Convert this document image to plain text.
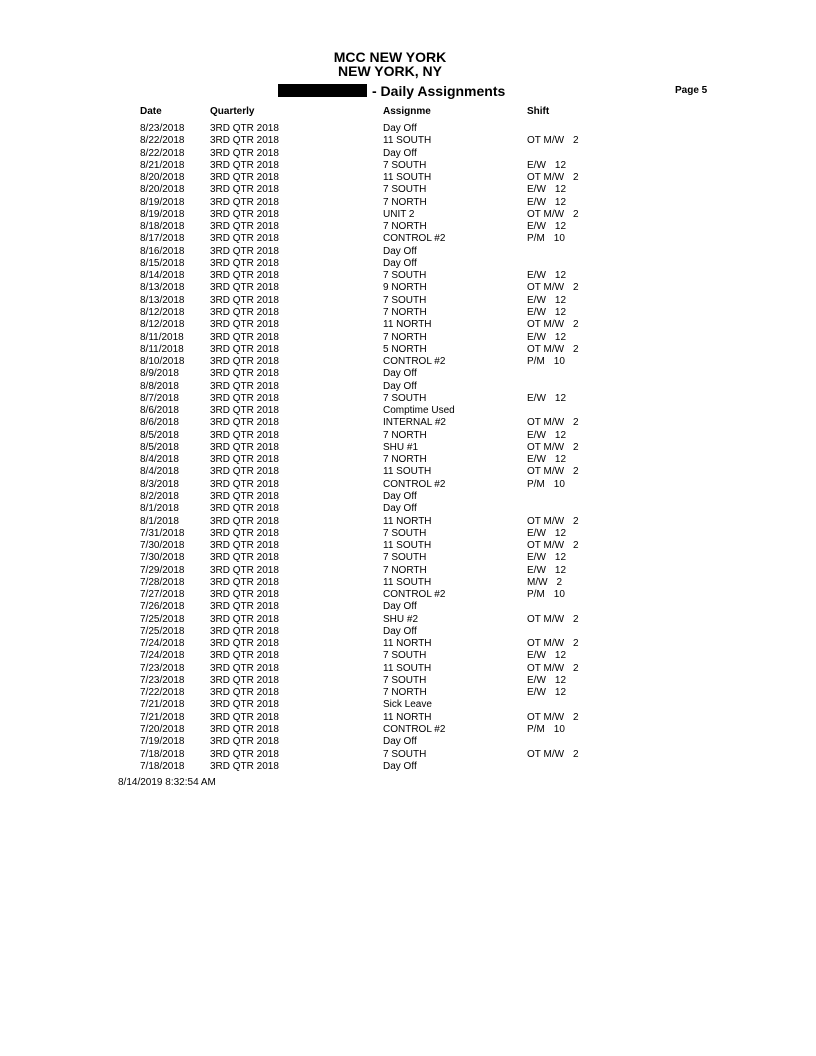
MCC NEW YORK
NEW YORK, NY
- Daily Assignments	Page 5
Date	Quarterly	Assignme	Shift
8/23/2018	3RD QTR 2018	Day Off
8/22/2018	3RD QTR 2018	11 SOUTH	OT M/W 2
8/22/2018	3RD QTR 2018	Day Off
8/21/2018	3RD QTR 2018	7 SOUTH	E/W 12
8/20/2018	3RD QTR 2018	11 SOUTH	OT M/W 2
8/20/2018	3RD QTR 2018	7 SOUTH	E/W 12
8/19/2018	3RD QTR 2018	7 NORTH	E/W 12
8/19/2018	3RD QTR 2018	UNIT 2	OT M/W 2
8/18/2018	3RD QTR 2018	7 NORTH	E/W 12
8/17/2018	3RD QTR 2018	CONTROL #2	P/M 10
8/16/2018	3RD QTR 2018	Day Off
8/15/2018	3RD QTR 2018	Day Off
8/14/2018	3RD QTR 2018	7 SOUTH	E/W 12
8/13/2018	3RD QTR 2018	9 NORTH	OT M/W 2
8/13/2018	3RD QTR 2018	7 SOUTH	E/W 12
8/12/2018	3RD QTR 2018	7 NORTH	E/W 12
8/12/2018	3RD QTR 2018	11 NORTH	OT M/W 2
8/11/2018	3RD QTR 2018	7 NORTH	E/W 12
8/11/2018	3RD QTR 2018	5 NORTH	OT M/W 2
8/10/2018	3RD QTR 2018	CONTROL #2	P/M 10
8/9/2018	3RD QTR 2018	Day Off
8/8/2018	3RD QTR 2018	Day Off
8/7/2018	3RD QTR 2018	7 SOUTH	E/W 12
8/6/2018	3RD QTR 2018	Comptime Used
8/6/2018	3RD QTR 2018	INTERNAL #2	OT M/W 2
8/5/2018	3RD QTR 2018	7 NORTH	E/W 12
8/5/2018	3RD QTR 2018	SHU #1	OT M/W 2
8/4/2018	3RD QTR 2018	7 NORTH	E/W 12
8/4/2018	3RD QTR 2018	11 SOUTH	OT M/W 2
8/3/2018	3RD QTR 2018	CONTROL #2	P/M 10
8/2/2018	3RD QTR 2018	Day Off
8/1/2018	3RD QTR 2018	Day Off
8/1/2018	3RD QTR 2018	11 NORTH	OT M/W 2
7/31/2018	3RD QTR 2018	7 SOUTH	E/W 12
7/30/2018	3RD QTR 2018	11 SOUTH	OT M/W 2
7/30/2018	3RD QTR 2018	7 SOUTH	E/W 12
7/29/2018	3RD QTR 2018	7 NORTH	E/W 12
7/28/2018	3RD QTR 2018	11 SOUTH	M/W 2
7/27/2018	3RD QTR 2018	CONTROL #2	P/M 10
7/26/2018	3RD QTR 2018	Day Off
7/25/2018	3RD QTR 2018	SHU #2	OT M/W 2
7/25/2018	3RD QTR 2018	Day Off
7/24/2018	3RD QTR 2018	11 NORTH	OT M/W 2
7/24/2018	3RD QTR 2018	7 SOUTH	E/W 12
7/23/2018	3RD QTR 2018	11 SOUTH	OT M/W 2
7/23/2018	3RD QTR 2018	7 SOUTH	E/W 12
7/22/2018	3RD QTR 2018	7 NORTH	E/W 12
7/21/2018	3RD QTR 2018	Sick Leave
7/21/2018	3RD QTR 2018	11 NORTH	OT M/W 2
7/20/2018	3RD QTR 2018	CONTROL #2	P/M 10
7/19/2018	3RD QTR 2018	Day Off
7/18/2018	3RD QTR 2018	7 SOUTH	OT M/W 2
7/18/2018	3RD QTR 2018	Day Off
8/14/2019 8:32:54 AM
